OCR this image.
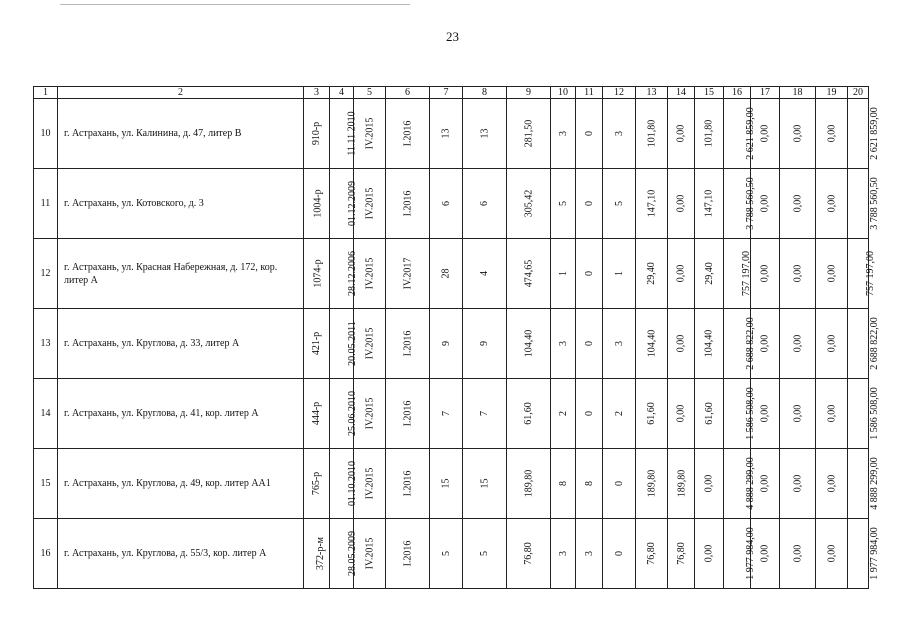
23
1	2	3	4	5	6	7	8	9	10	11	12	13	14	15	16	17	18	19	20
10	г. Астрахань, ул. Калинина, д. 47, литер В	910-р	11.11.2010	IV.2015	I.2016	13	13	281,50	3	0	3	101,80	0,00	101,80	2 621 859,00	0,00	0,00	0,00	2 621 859,00
11	г. Астрахань, ул. Котовского, д. 3	1004-р	01.12.2009	IV.2015	I.2016	6	6	305,42	5	0	5	147,10	0,00	147,10	3 788 560,50	0,00	0,00	0,00	3 788 560,50
12	г. Астрахань, ул. Красная Набережная, д. 172, кор. литер А	1074-р	28.12.2006	IV.2015	IV.2017	28	4	474,65	1	0	1	29,40	0,00	29,40	757 197,00	0,00	0,00	0,00	757 197,00
13	г. Астрахань, ул. Круглова, д. 33, литер А	421-р	20.05.2011	IV.2015	I.2016	9	9	104,40	3	0	3	104,40	0,00	104,40	2 688 822,00	0,00	0,00	0,00	2 688 822,00
14	г. Астрахань, ул. Круглова, д. 41, кор. литер А	444-р	25.06.2010	IV.2015	I.2016	7	7	61,60	2	0	2	61,60	0,00	61,60	1 586 508,00	0,00	0,00	0,00	1 586 508,00
15	г. Астрахань, ул. Круглова, д. 49, кор. литер АА1	765-р	01.10.2010	IV.2015	I.2016	15	15	189,80	8	8	0	189,80	189,80	0,00	4 888 299,00	0,00	0,00	0,00	4 888 299,00
16	г. Астрахань, ул. Круглова, д. 55/3, кор. литер А	372-р-м	28.05.2009	IV.2015	I.2016	5	5	76,80	3	3	0	76,80	76,80	0,00	1 977 984,00	0,00	0,00	0,00	1 977 984,00
